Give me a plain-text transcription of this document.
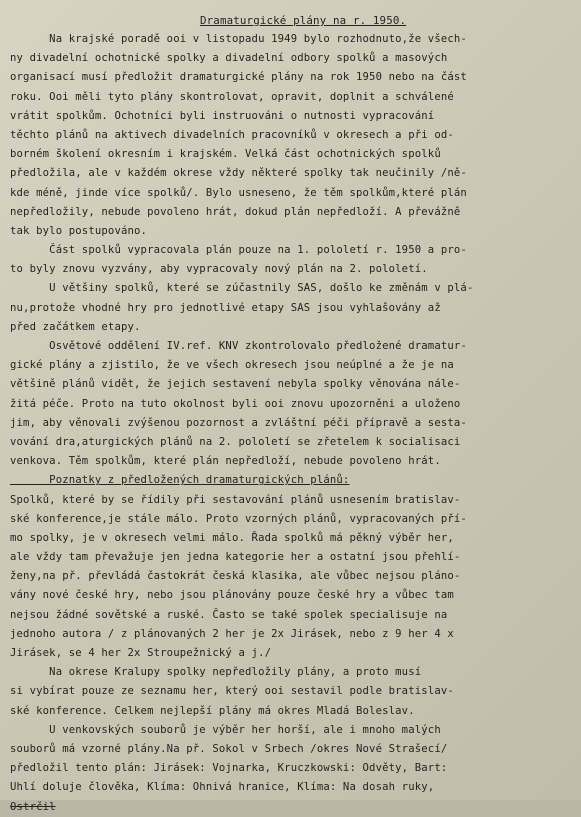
Dramaturgické plány na r. 1950.
Na krajské poradě ooi v listopadu 1949 bylo rozhodnuto,že všech-
ny divadelní ochotnické spolky a divadelní odbory spolků a masových
organisací musí předložit dramaturgické plány na rok 1950 nebo na část
roku. Ooi měli tyto plány skontrolovat, opravit, doplnit a schválené
vrátit spolkům. Ochotníci byli instruováni o nutnosti vypracování
těchto plánů na aktivech divadelních pracovníků v okresech a při od-
borném školení okresním i krajském. Velká část ochotnických spolků
předložila, ale v každém okrese vždy některé spolky tak neučinily /ně-
kde méně, jinde více spolků/. Bylo usneseno, že těm spolkům,které plán
nepředložily, nebude povoleno hrát, dokud plán nepředloží. A převážně
tak bylo postupováno.
Část spolků vypracovala plán pouze na 1. pololetí r. 1950 a pro-
to byly znovu vyzvány, aby vypracovaly nový plán na 2. pololetí.
U většiny spolků, které se zúčastnily SAS, došlo ke změnám v plá-
nu,protože vhodné hry pro jednotlivé etapy SAS jsou vyhlašovány až
před začátkem etapy.
Osvětové oddělení IV.ref. KNV zkontrolovalo předložené dramatur-
gické plány a zjistilo, že ve všech okresech jsou neúplné a že je na
většině plánů vidět, že jejich sestavení nebyla spolky věnována nále-
žitá péče. Proto na tuto okolnost byli ooi znovu upozorněni a uloženo
jim, aby věnovali zvýšenou pozornost a zvláštní péči přípravě a sesta-
vování dra,aturgických plánů na 2. pololetí se zřetelem k socialisaci
venkova. Těm spolkům, které plán nepředloží, nebude povoleno hrát.
Poznatky z předložených dramaturgických plánů:
Spolků, které by se řídily při sestavování plánů usnesením bratislav-
ské konference,je stále málo. Proto vzorných plánů, vypracovaných pří-
mo spolky, je v okresech velmi málo. Řada spolků má pěkný výběr her,
ale vždy tam převažuje jen jedna kategorie her a ostatní jsou přehlí-
ženy,na př. převládá častokrát česká klasika, ale vůbec nejsou pláno-
vány nové české hry, nebo jsou plánovány pouze české hry a vůbec tam
nejsou žádné sovětské a ruské. Často se také spolek specialisuje na
jednoho autora / z plánovaných 2 her je 2x Jirásek, nebo z 9 her 4 x
Jirásek, se 4 her 2x Stroupežnický a j./
Na okrese Kralupy spolky nepředložily plány, a proto musí
si vybírat pouze ze seznamu her, který ooi sestavil podle bratislav-
ské konference. Celkem nejlepší plány má okres Mladá Boleslav.
U venkovských souborů je výběr her horší, ale i mnoho malých
souborů má vzorné plány.Na př. Sokol v Srbech /okres Nové Strašecí/
předložil tento plán: Jirásek: Vojnarka, Kruczkowski: Odvěty, Bart:
Uhlí doluje člověka, Klíma: Ohnivá hranice, Klíma: Na dosah ruky,
Ostrčil
